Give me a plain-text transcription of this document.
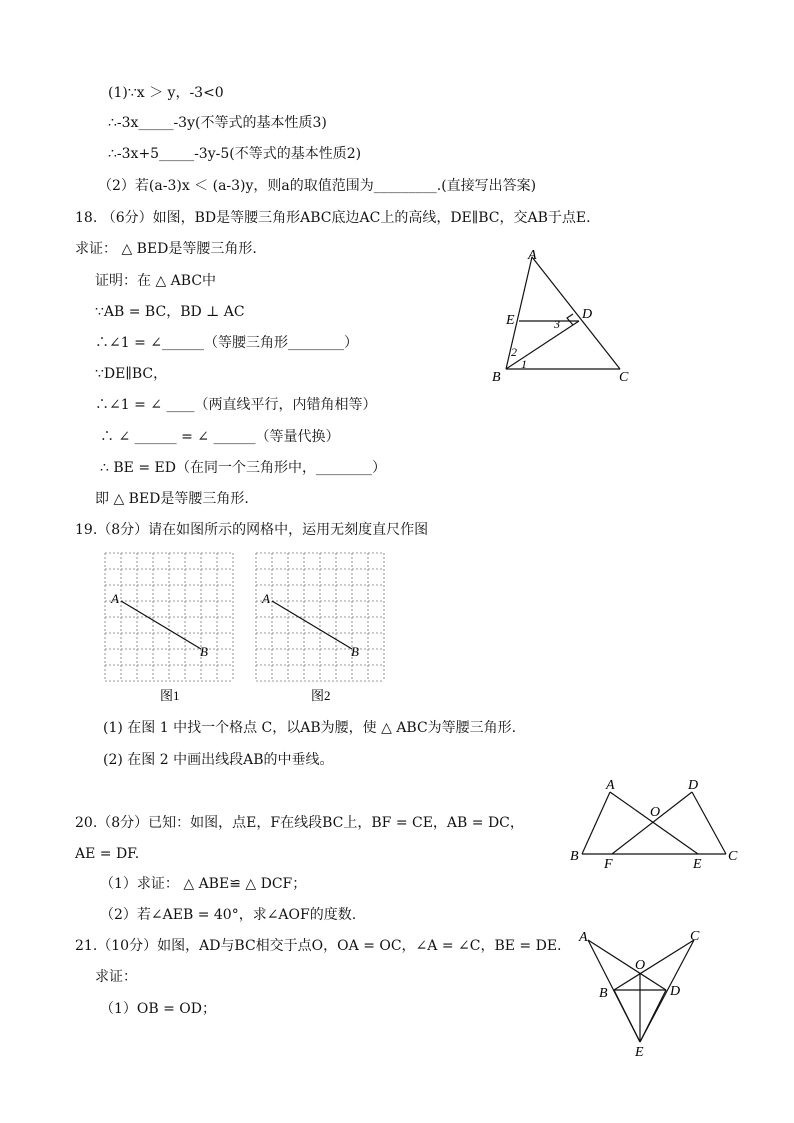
(1)∵x ＞ y，-3<0
∴-3x_____-3y(不等式的基本性质3)
∴-3x+5_____-3y-5(不等式的基本性质2)
（2）若(a-3)x ＜ (a-3)y，则a的取值范围为_________.(直接写出答案)
18. （6分）如图，BD是等腰三角形ABC底边AC上的高线，DE∥BC，交AB于点E.
求证： △ BED是等腰三角形.
证明：在 △ ABC中
∵AB = BC，BD ⊥ AC
∴∠1 = ∠______（等腰三角形________）
∵DE∥BC，
∴∠1 = ∠ ____（两直线平行，内错角相等）
∴ ∠ ______ = ∠ ______（等量代换）
∴ BE = ED（在同一个三角形中，________）
即 △ BED是等腰三角形.
19.（8分）请在如图所示的网格中，运用无刻度直尺作图
(1) 在图 1 中找一个格点 C，以AB为腰，使 △ ABC为等腰三角形.
(2) 在图 2 中画出线段AB的中垂线。
20.（8分）已知：如图，点E，F在线段BC上，BF = CE，AB = DC，
AE = DF.
（1）求证： △ ABE≌ △ DCF；
（2）若∠AEB = 40°，求∠AOF的度数.
21.（10分）如图，AD与BC相交于点O，OA = OC，∠A = ∠C，BE = DE.
求证：
（1）OB = OD；
A
E	D
B	C
1
2
3
A
B
图1
A
B
图2
A	D
O
B
F	E
C
A	C
O
B	D
E
